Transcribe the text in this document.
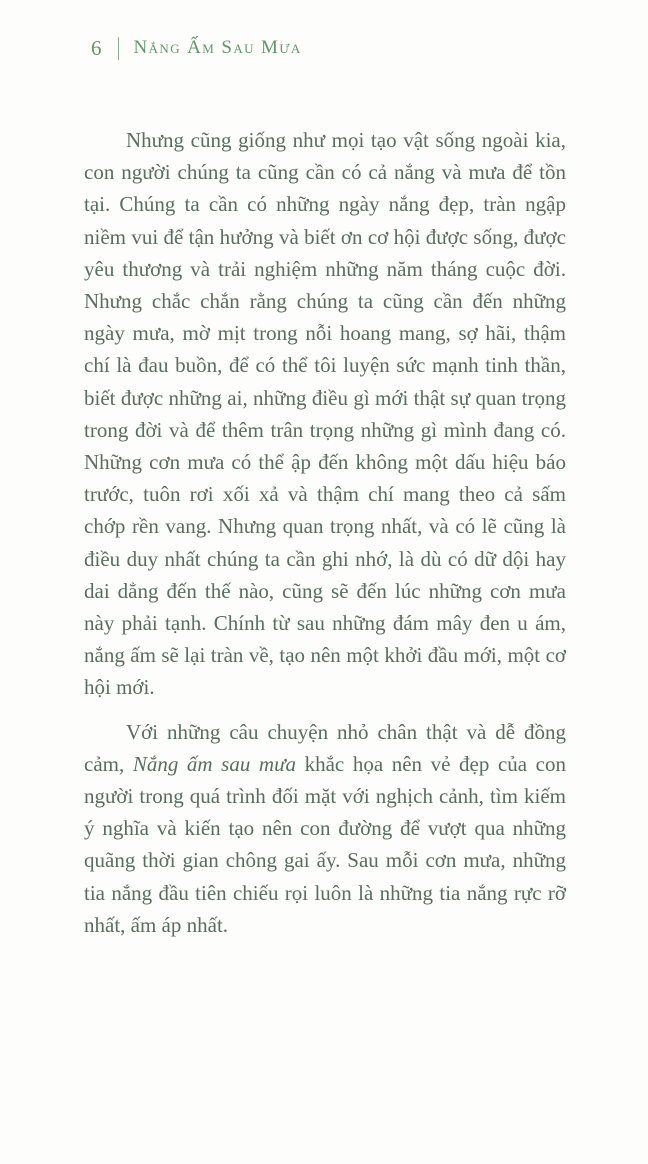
6 Nắng Ấm Sau Mưa

Nhưng cũng giống như mọi tạo vật sống ngoài kia, con người chúng ta cũng cần có cả nắng và mưa để tồn tại. Chúng ta cần có những ngày nắng đẹp, tràn ngập niềm vui để tận hưởng và biết ơn cơ hội được sống, được yêu thương và trải nghiệm những năm tháng cuộc đời. Nhưng chắc chắn rằng chúng ta cũng cần đến những ngày mưa, mờ mịt trong nỗi hoang mang, sợ hãi, thậm chí là đau buồn, để có thể tôi luyện sức mạnh tinh thần, biết được những ai, những điều gì mới thật sự quan trọng trong đời và để thêm trân trọng những gì mình đang có. Những cơn mưa có thể ập đến không một dấu hiệu báo trước, tuôn rơi xối xả và thậm chí mang theo cả sấm chớp rền vang. Nhưng quan trọng nhất, và có lẽ cũng là điều duy nhất chúng ta cần ghi nhớ, là dù có dữ dội hay dai dẳng đến thế nào, cũng sẽ đến lúc những cơn mưa này phải tạnh. Chính từ sau những đám mây đen u ám, nắng ấm sẽ lại tràn về, tạo nên một khởi đầu mới, một cơ hội mới.

Với những câu chuyện nhỏ chân thật và dễ đồng cảm, Nắng ấm sau mưa khắc họa nên vẻ đẹp của con người trong quá trình đối mặt với nghịch cảnh, tìm kiếm ý nghĩa và kiến tạo nên con đường để vượt qua những quãng thời gian chông gai ấy. Sau mỗi cơn mưa, những tia nắng đầu tiên chiếu rọi luôn là những tia nắng rực rỡ nhất, ấm áp nhất.
